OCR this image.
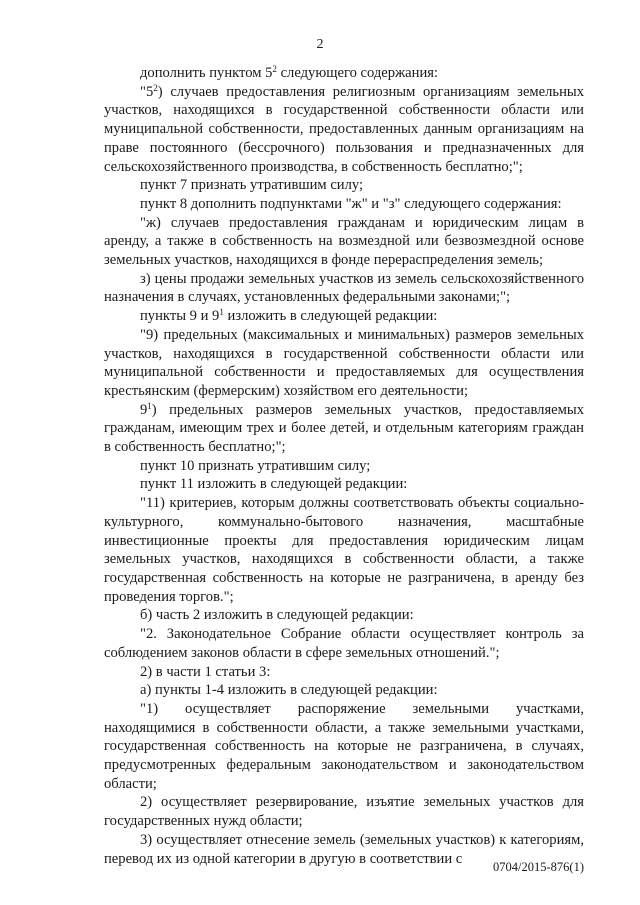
2

дополнить пунктом $5^2$ следующего содержания:

"$5^2$) случаев предоставления религиозным организациям земельных участков, находящихся в государственной собственности области или муниципальной собственности, предоставленных данным организациям на праве постоянного (бессрочного) пользования и предназначенных для сельскохозяйственного производства, в собственность бесплатно;";

пункт 7 признать утратившим силу;

пункт 8 дополнить подпунктами "ж" и "з" следующего содержания:

"ж) случаев предоставления гражданам и юридическим лицам в аренду, а также в собственность на возмездной или безвозмездной основе земельных участков, находящихся в фонде перераспределения земель;

з) цены продажи земельных участков из земель сельскохозяйственного назначения в случаях, установленных федеральными законами;";

пункты 9 и $9^1$ изложить в следующей редакции:

"9) предельных (максимальных и минимальных) размеров земельных участков, находящихся в государственной собственности области или муниципальной собственности и предоставляемых для осуществления крестьянским (фермерским) хозяйством его деятельности;

$9^1$) предельных размеров земельных участков, предоставляемых гражданам, имеющим трех и более детей, и отдельным категориям граждан в собственность бесплатно;";

пункт 10 признать утратившим силу;

пункт 11 изложить в следующей редакции:

"11) критериев, которым должны соответствовать объекты социально-культурного, коммунально-бытового назначения, масштабные инвестиционные проекты для предоставления юридическим лицам земельных участков, находящихся в собственности области, а также государственная собственность на которые не разграничена, в аренду без проведения торгов.";

б) часть 2 изложить в следующей редакции:

"2. Законодательное Собрание области осуществляет контроль за соблюдением законов области в сфере земельных отношений.";

2) в части 1 статьи 3:

а) пункты 1-4 изложить в следующей редакции:

"1) осуществляет распоряжение земельными участками, находящимися в собственности области, а также земельными участками, государственная собственность на которые не разграничена, в случаях, предусмотренных федеральным законодательством и законодательством области;

2) осуществляет резервирование, изъятие земельных участков для государственных нужд области;

3) осуществляет отнесение земель (земельных участков) к категориям, перевод их из одной категории в другую в соответствии с

0704/2015-876(1)
